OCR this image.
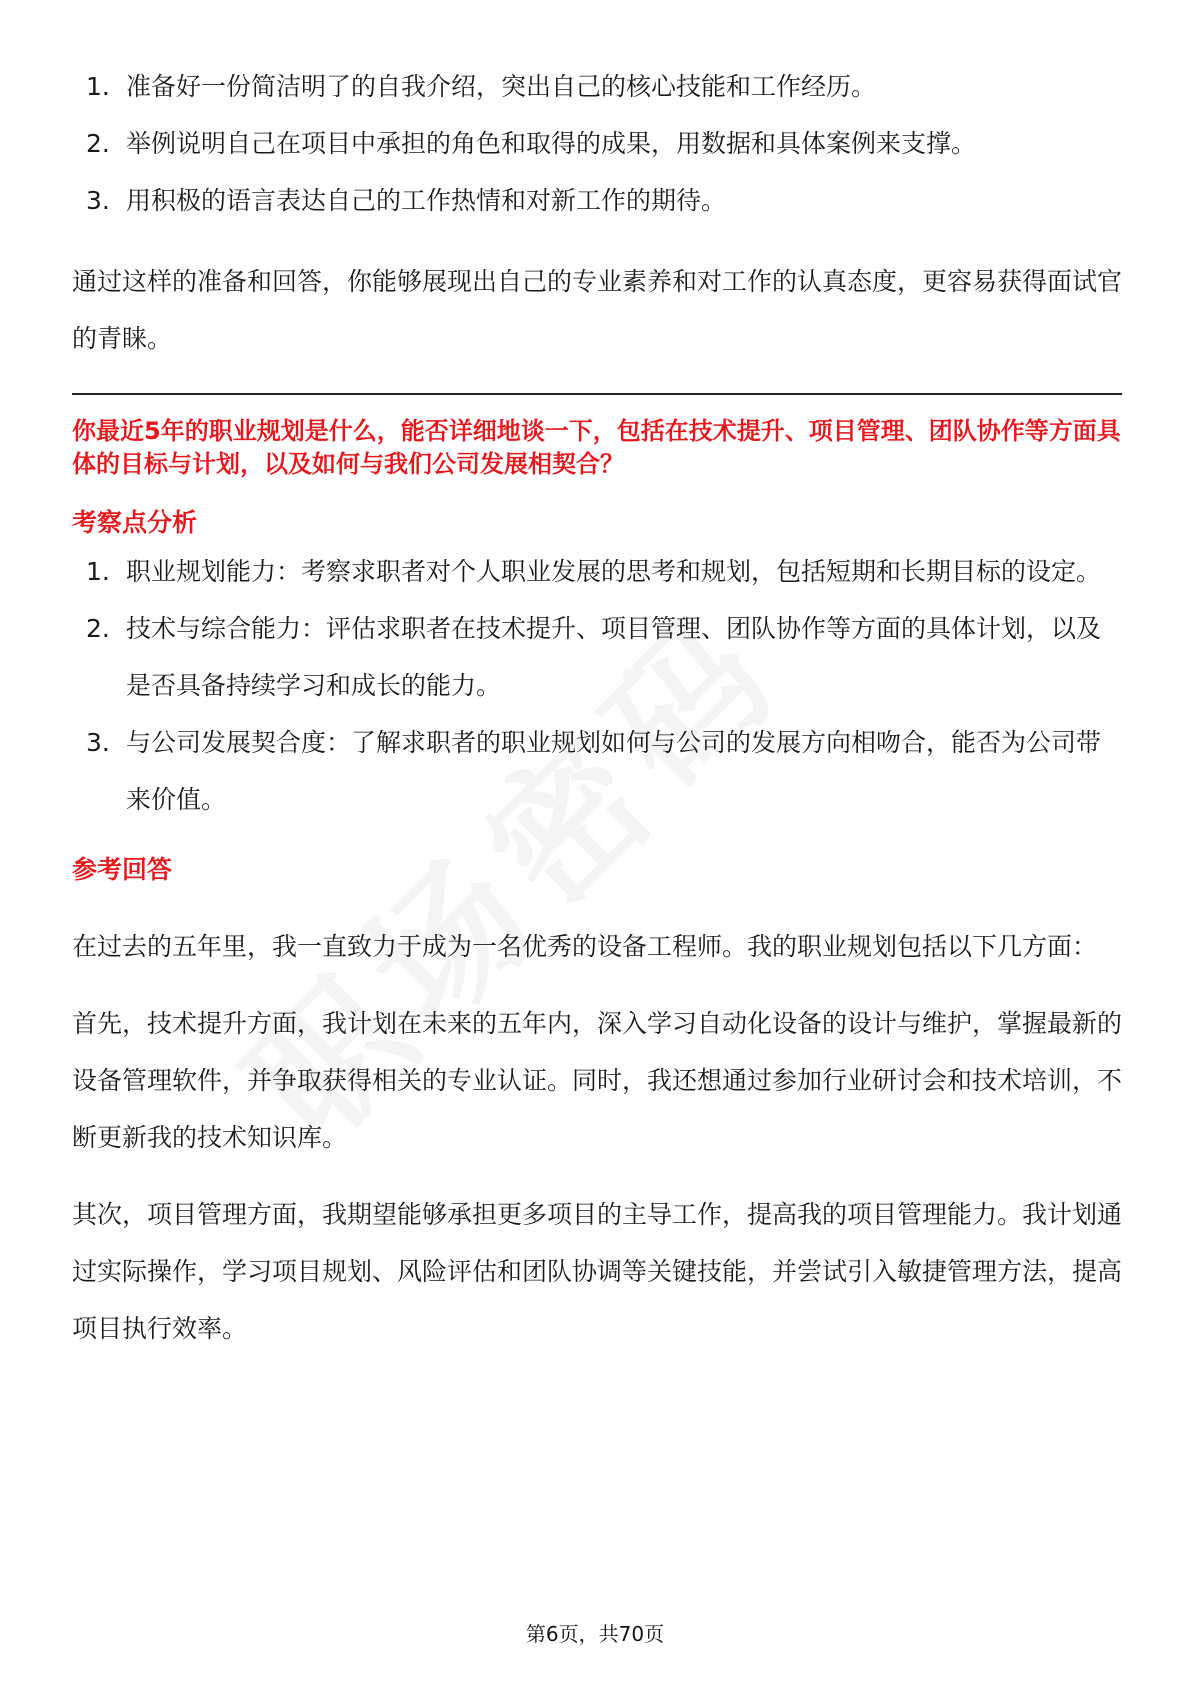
1. 准备好一份简洁明了的自我介绍，突出自己的核心技能和工作经历。
2. 举例说明自己在项目中承担的角色和取得的成果，用数据和具体案例来支撑。
3. 用积极的语言表达自己的工作热情和对新工作的期待。

通过这样的准备和回答，你能够展现出自己的专业素养和对工作的认真态度，更容易获得面试官的青睐。

你最近5年的职业规划是什么，能否详细地谈一下，包括在技术提升、项目管理、团队协作等方面具体的目标与计划，以及如何与我们公司发展相契合？
考察点分析
1. 职业规划能力：考察求职者对个人职业发展的思考和规划，包括短期和长期目标的设定。
2. 技术与综合能力：评估求职者在技术提升、项目管理、团队协作等方面的具体计划，以及是否具备持续学习和成长的能力。
3. 与公司发展契合度：了解求职者的职业规划如何与公司的发展方向相吻合，能否为公司带来价值。
参考回答

在过去的五年里，我一直致力于成为一名优秀的设备工程师。我的职业规划包括以下几方面：

首先，技术提升方面，我计划在未来的五年内，深入学习自动化设备的设计与维护，掌握最新的设备管理软件，并争取获得相关的专业认证。同时，我还想通过参加行业研讨会和技术培训，不断更新我的技术知识库。

其次，项目管理方面，我期望能够承担更多项目的主导工作，提高我的项目管理能力。我计划通过实际操作，学习项目规划、风险评估和团队协调等关键技能，并尝试引入敏捷管理方法，提高项目执行效率。

第6页，共70页
